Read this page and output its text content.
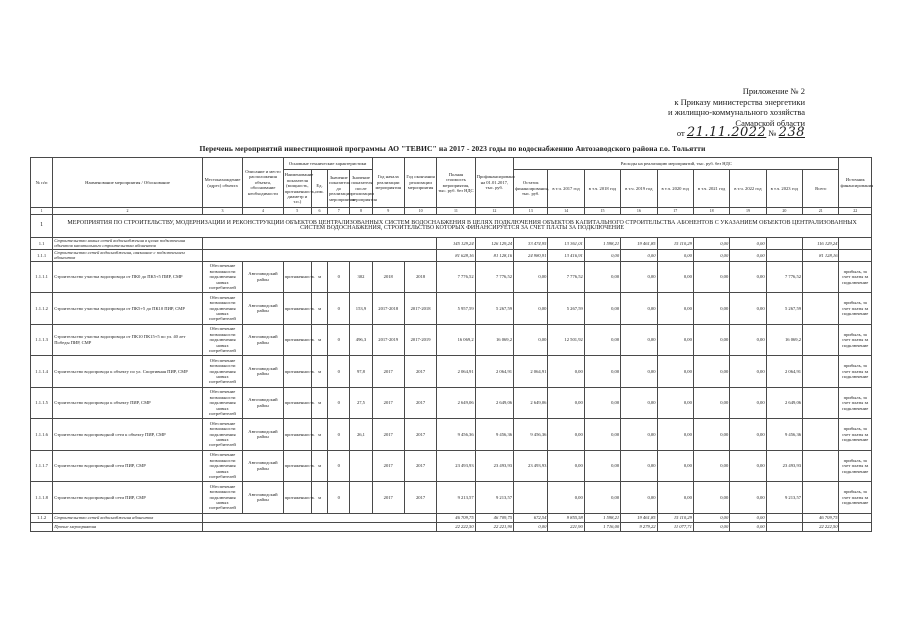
Приложение № 2
к Приказу министерства энергетики
и жилищно-коммунального хозяйства
Самарской области
от 21.11.2022 № 238
Перечень мероприятий инвестиционной программы АО "ТЕВИС" на 2017 - 2023 годы по водоснабжению Автозаводского района г.о. Тольятти
№ п/п	Наименование мероприятия / Обоснование	Местонахождение (адрес) объекта	Описание и место расположения объекта, обоснование необходимости	Основные технические характеристики				Год начала реализации мероприятия	Год окончания реализации мероприятия	Полная стоимость мероприятия, тыс. руб. без НДС	Профинансировано на 01.01.2017, тыс. руб.	Расходы на реализацию мероприятий, тыс. руб. без НДС									Источник финансирования
				Наименование показателя (мощность, протяженность, диаметр и т.п.)	Ед. изм.	Значение показателя до реализации мероприятия	Значение показателя после реализации мероприятия					Остаток финансирования, тыс. руб.	в т.ч. 2017 год	в т.ч. 2018 год	в т.ч. 2019 год	в т.ч. 2020 год	в т.ч. 2021 год	в т.ч. 2022 год	в т.ч. 2023 год	Всего	
1	2	3	4	5	6	7	8	9	10	11	12	13	14	15	16	17	18	19	20	21	22
1	МЕРОПРИЯТИЯ ПО СТРОИТЕЛЬСТВУ, МОДЕРНИЗАЦИИ И РЕКОНСТРУКЦИИ ОБЪЕКТОВ ЦЕНТРАЛИЗОВАННЫХ СИСТЕМ ВОДОСНАБЖЕНИЯ В ЦЕЛЯХ ПОДКЛЮЧЕНИЯ ОБЪЕКТОВ КАПИТАЛЬНОГО СТРОИТЕЛЬСТВА АБОНЕНТОВ С УКАЗАНИЕМ ОБЪЕКТОВ ЦЕНТРАЛИЗОВАННЫХ СИСТЕМ ВОДОСНАБЖЕНИЯ, СТРОИТЕЛЬСТВО КОТОРЫХ ФИНАНСИРУЕТСЯ ЗА СЧЕТ ПЛАТЫ ЗА ПОДКЛЮЧЕНИЕ																				
1.1	Строительство новых сетей водоснабжения в целях подключения объектов капитального строительства абонентов									145 129,24	126 129,24	33 474,95	13 361,01	1 598,21	19 461,85	15 110,29	0,00	0,00		116 129,24	
1.1.1	Строительство сетей водоснабжения, связанное с подключением абонентов									81 628,16	81 128,16	24 980,91	13 416,91	0,00	0,00	0,00	0,00	0,00		81 128,16	
1.1.1.1	Строительство участка водопровода от ПК0 до ПК5+5 ПИР, СМР	Обеспечение возможности подключения новых потребителей	Автозаводский район	протяженность	м	0	302	2018	2018	7 776,52	7 776,52	0,00	7 776,52	0,00	0,00	0,00	0,00	0,00	7 776,52		прибыль, за счет платы за подключение
1.1.1.2	Строительство участка водопровода от ПК5+5 до ПК10 ПИР, СМР	Обеспечение возможности подключения новых потребителей	Автозаводский район	протяженность	м	0	153,9	2017-2018	2017-2018	5 957,59	5 267,59	0,00	5 267,59	0,00	0,00	0,00	0,00	0,00	5 267,59		прибыль, за счет платы за подключение
1.1.1.3	Строительство участка водопровода от ПК10 ПК15+5 по ул. 40 лет Победы ПИР, СМР	Обеспечение возможности подключения новых потребителей	Автозаводский район	протяженность	м	0	496,3	2017-2019	2017-2019	16 069,2	16 069,2	0,00	12 501,92	0,00	0,00	0,00	0,00	0,00	16 069,2		прибыль, за счет платы за подключение
1.1.1.4	Строительство водопровода к объекту по ул. Спортивная ПИР, СМР	Обеспечение возможности подключения новых потребителей	Автозаводский район	протяженность	м	0	97,8	2017	2017	2 064,91	2 064,91	2 064,91	0,00	0,00	0,00	0,00	0,00	0,00	2 064,91		прибыль, за счет платы за подключение
1.1.1.5	Строительство водопровода к объекту ПИР, СМР	Обеспечение возможности подключения новых потребителей	Автозаводский район	протяженность	м	0	27,5	2017	2017	2 649,06	2 649,06	2 649,06	0,00	0,00	0,00	0,00	0,00	0,00	2 649,06		прибыль, за счет платы за подключение
1.1.1.6	Строительство водопроводной сети к объекту ПИР, СМР	Обеспечение возможности подключения новых потребителей	Автозаводский район	протяженность	м	0	26,1	2017	2017	9 456,36	9 456,36	9 456,36	0,00	0,00	0,00	0,00	0,00	0,00	9 456,36		прибыль, за счет платы за подключение
1.1.1.7	Строительство водопроводной сети ПИР, СМР	Обеспечение возможности подключения новых потребителей	Автозаводский район	протяженность	м	0		2017	2017	23 493,93	23 493,93	23 493,93	0,00	0,00	0,00	0,00	0,00	0,00	23 493,93		прибыль, за счет платы за подключение
1.1.1.8	Строительство водопроводной сети ПИР, СМР	Обеспечение возможности подключения новых потребителей	Автозаводский район	протяженность	м	0		2017	2017	9 213,57	9 213,57		0,00	0,00	0,00	0,00	0,00	0,00	9 213,57		прибыль, за счет платы за подключение
1.1.2	Строительство сетей водоснабжения абонентов									46 709,75	46 709,75	672,54	9 855,58	1 598,21	19 461,85	15 110,29	0,00	0,00		46 709,75	
	Прочие мероприятия									22 222,50	22 221,90	0,00	221,90	1 716,00	9 279,22	11 077,71	0,00	0,00		22 222,50	
